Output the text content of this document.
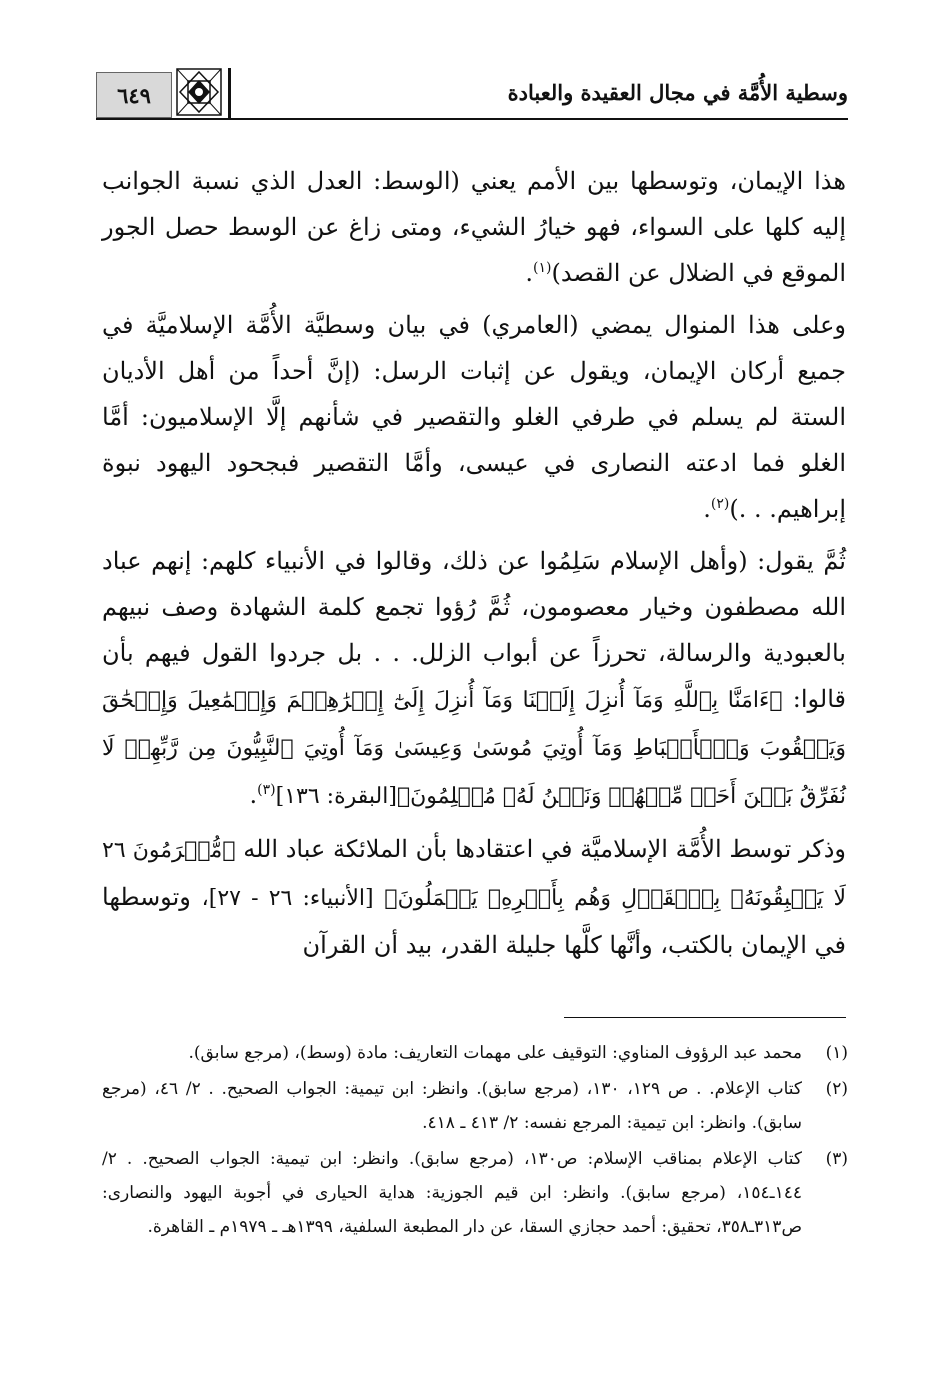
٦٤٩	وسطية الأُمَّة في مجال العقيدة والعبادة

هذا الإيمان، وتوسطها بين الأمم يعني (الوسط: العدل الذي نسبة الجوانب إليه كلها على السواء، فهو خيارُ الشيء، ومتى زاغ عن الوسط حصل الجور الموقع في الضلال عن القصد)$^{(١)}$.

وعلى هذا المنوال يمضي (العامري) في بيان وسطيَّة الأُمَّة الإسلاميَّة في جميع أركان الإيمان، ويقول عن إثبات الرسل: (إنَّ أحداً من أهل الأديان الستة لم يسلم في طرفي الغلو والتقصير في شأنهم إلَّا الإسلاميون: أمَّا الغلو فما ادعته النصارى في عيسى، وأمَّا التقصير فبجحود اليهود نبوة إبراهيم. . .)$^{(٢)}$.

ثُمَّ يقول: (وأهل الإسلام سَلِمُوا عن ذلك، وقالوا في الأنبياء كلهم: إنهم عباد الله مصطفون وخيار معصومون، ثُمَّ رُؤوا تجمع كلمة الشهادة وصف نبيهم بالعبودية والرسالة، تحرزاً عن أبواب الزلل. . . بل جردوا القول فيهم بأن قالوا: ﴿ءَامَنَّا بِٱللَّهِ وَمَآ أُنزِلَ إِلَيۡنَا وَمَآ أُنزِلَ إِلَىٰٓ إِبۡرَٰهِـۧمَ وَإِسۡمَٰعِيلَ وَإِسۡحَٰقَ وَيَعۡقُوبَ وَٱلۡأَسۡبَاطِ وَمَآ أُوتِيَ مُوسَىٰ وَعِيسَىٰ وَمَآ أُوتِيَ ٱلنَّبِيُّونَ مِن رَّبِّهِمۡ لَا نُفَرِّقُ بَيۡنَ أَحَدٖ مِّنۡهُمۡ وَنَحۡنُ لَهُۥ مُسۡلِمُونَ﴾[البقرة: ١٣٦]$^{(٣)}$.

وذكر توسط الأُمَّة الإسلاميَّة في اعتقادها بأن الملائكة عباد الله ﴿مُّكۡرَمُونَ ٢٦ لَا يَسۡبِقُونَهُۥ بِٱلۡقَوۡلِ وَهُم بِأَمۡرِهِۦ يَعۡمَلُونَ﴾ [الأنبياء: ٢٦ - ٢٧]، وتوسطها في الإيمان بالكتب، وأنَّها كلَّها جليلة القدر، بيد أن القرآن

(١)
محمد عبد الرؤوف المناوي: التوقيف على مهمات التعاريف: مادة (وسط)، (مرجع سابق).
(٢)
كتاب الإعلام. . ص ١٢٩، ١٣٠، (مرجع سابق). وانظر: ابن تيمية: الجواب الصحيح. . ٢/ ٤٦، (مرجع سابق). وانظر: ابن تيمية: المرجع نفسه: ٢/ ٤١٣ ـ ٤١٨.
(٣)
كتاب الإعلام بمناقب الإسلام: ص١٣٠، (مرجع سابق). وانظر: ابن تيمية: الجواب الصحيح. . ٢/ ١٤٤ـ١٥٤، (مرجع سابق). وانظر: ابن قيم الجوزية: هداية الحيارى في أجوبة اليهود والنصارى: ص٣١٣ـ٣٥٨، تحقيق: أحمد حجازي السقا، عن دار المطبعة السلفية، ١٣٩٩هـ ـ ١٩٧٩م ـ القاهرة.
